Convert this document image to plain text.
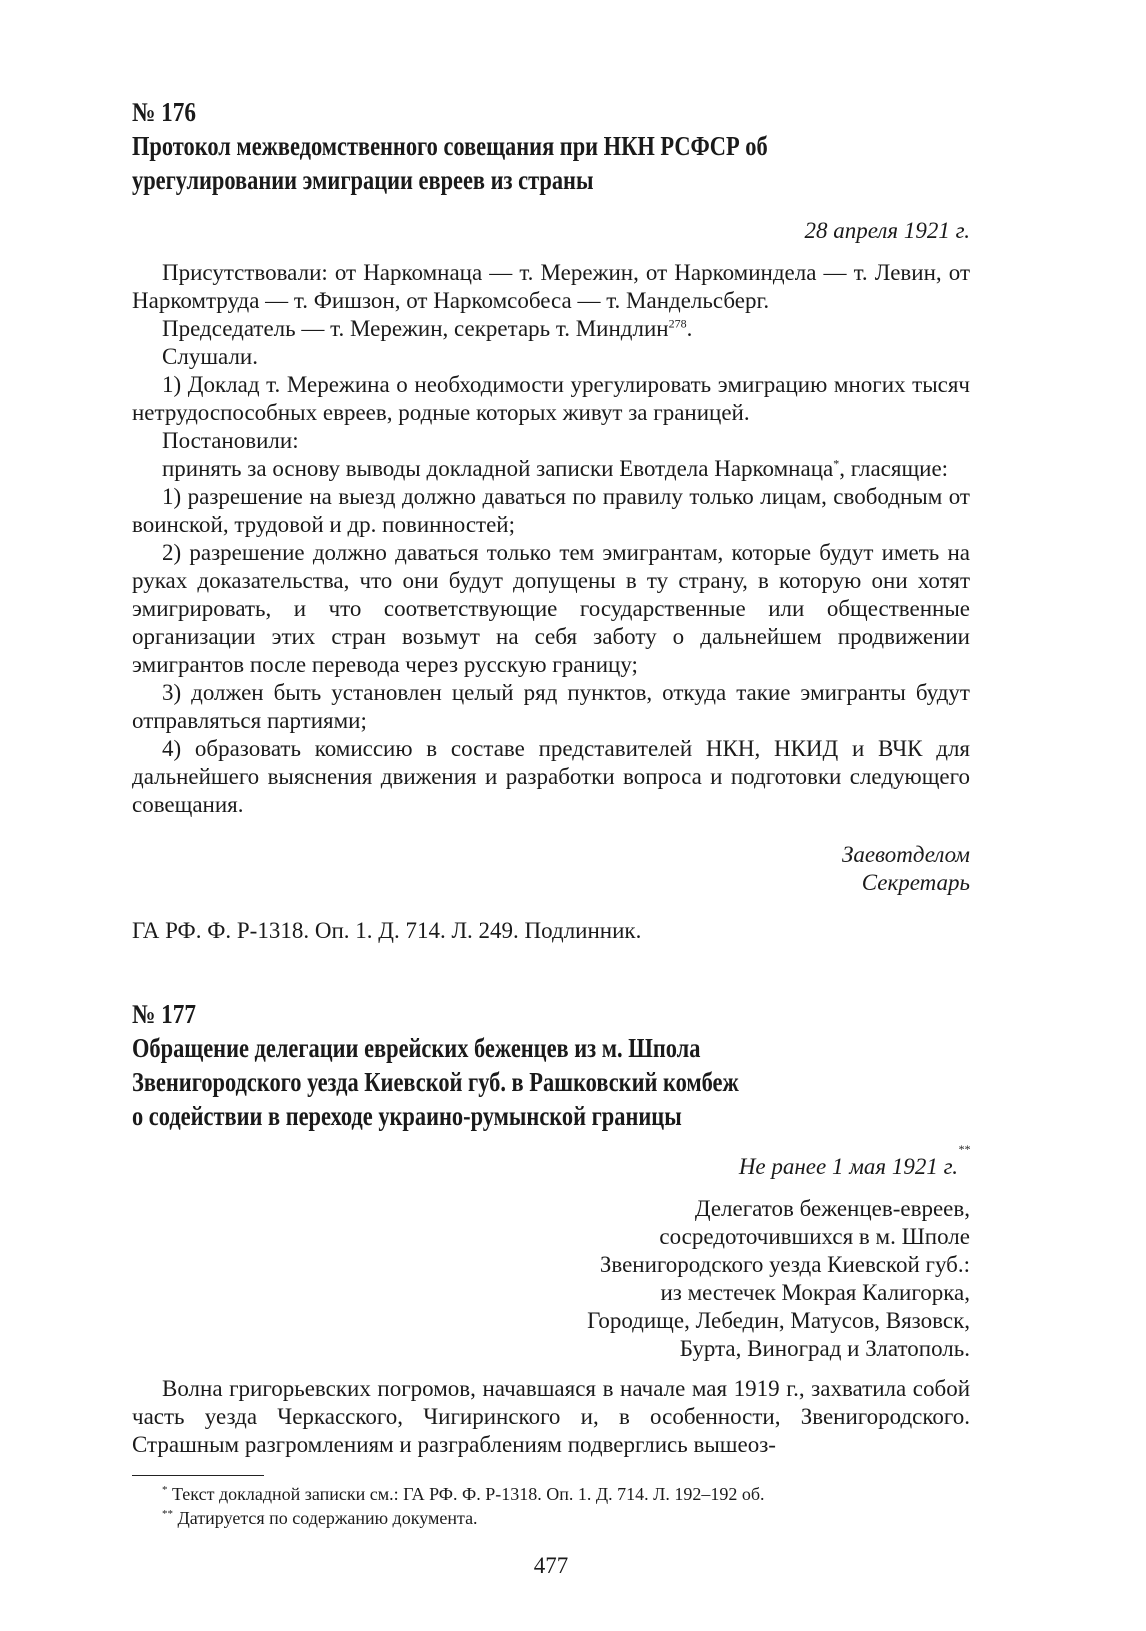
№ 176
Протокол межведомственного совещания при НКН РСФСР об
урегулировании эмиграции евреев из страны
28 апреля 1921 г.

Присутствовали: от Наркомнаца — т. Мережин, от Наркоминдела — т. Левин, от Наркомтруда — т. Фишзон, от Наркомсобеса — т. Мандельсберг.

Председатель — т. Мережин, секретарь т. Миндлин$^{278}$.

Слушали.

1) Доклад т. Мережина о необходимости урегулировать эмиграцию многих тысяч нетрудоспособных евреев, родные которых живут за границей.

Постановили:

принять за основу выводы докладной записки Евотдела Наркомнаца*, гласящие:

1) разрешение на выезд должно даваться по правилу только лицам, свободным от воинской, трудовой и др. повинностей;

2) разрешение должно даваться только тем эмигрантам, которые будут иметь на руках доказательства, что они будут допущены в ту страну, в которую они хотят эмигрировать, и что соответствующие государственные или общественные организации этих стран возьмут на себя заботу о дальнейшем продвижении эмигрантов после перевода через русскую границу;

3) должен быть установлен целый ряд пунктов, откуда такие эмигранты будут отправляться партиями;

4) образовать комиссию в составе представителей НКН, НКИД и ВЧК для дальнейшего выяснения движения и разработки вопроса и подготовки следующего совещания.

Заевотделом
Секретарь

ГА РФ. Ф. Р-1318. Оп. 1. Д. 714. Л. 249. Подлинник.

№ 177
Обращение делегации еврейских беженцев из м. Шпола
Звенигородского уезда Киевской губ. в Рашковский комбеж
о содействии в переходе украино-румынской границы
Не ранее 1 мая 1921 г.**
Делегатов беженцев-евреев,
сосредоточившихся в м. Шполе
Звенигородского уезда Киевской губ.:
из местечек Мокрая Калигорка,
Городище, Лебедин, Матусов, Вязовск,
Бурта, Виноград и Златополь.

Волна григорьевских погромов, начавшаяся в начале мая 1919 г., захватила собой часть уезда Черкасского, Чигиринского и, в особенности, Звенигородского. Страшным разгромлениям и разграблениям подверглись вышеоз-

* Текст докладной записки см.: ГА РФ. Ф. Р-1318. Оп. 1. Д. 714. Л. 192–192 об.
** Датируется по содержанию документа.
477
